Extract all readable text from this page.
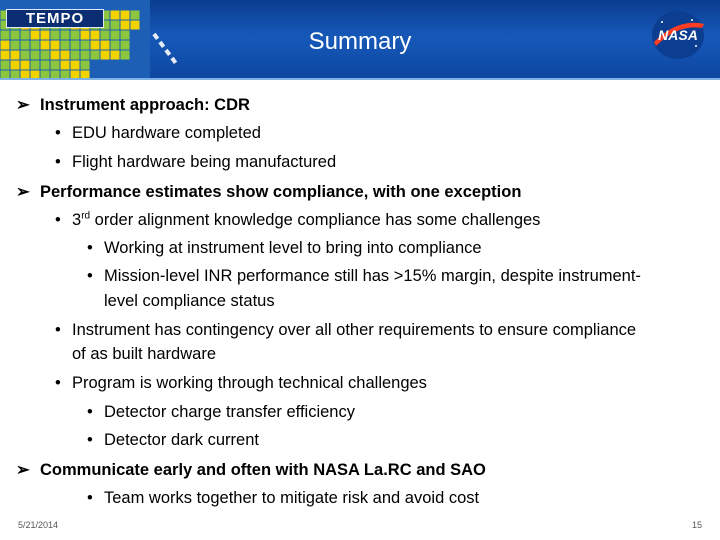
TEMPO
Summary	NASA
➢ Instrument approach: CDR
• EDU hardware completed
• Flight hardware being manufactured
➢ Performance estimates show compliance, with one exception
• 3rd order alignment knowledge compliance has some challenges
• Working at instrument level to bring into compliance
• Mission-level INR performance still has >15% margin, despite instrument-
level compliance status
• Instrument has contingency over all other requirements to ensure compliance
of as built hardware
• Program is working through technical challenges
• Detector charge transfer efficiency
• Detector dark current
➢ Communicate early and often with NASA La.RC and SAO
• Team works together to mitigate risk and avoid cost
5/21/2014	15
